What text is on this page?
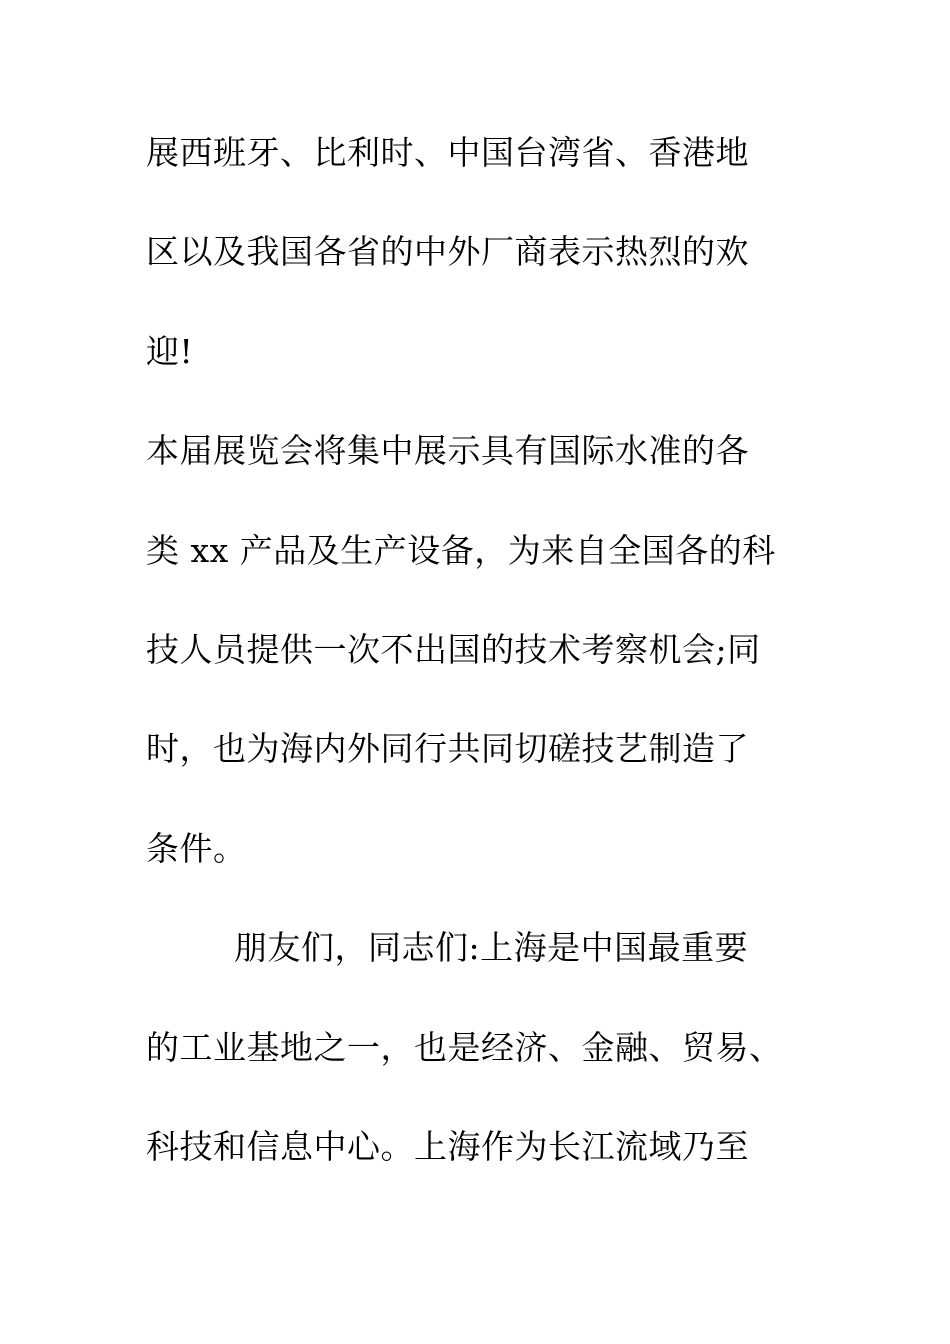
展西班牙、比利时、中国台湾省、香港地
区以及我国各省的中外厂商表示热烈的欢
迎!
本届展览会将集中展示具有国际水准的各
类 xx 产品及生产设备，为来自全国各的科
技人员提供一次不出国的技术考察机会;同
时，也为海内外同行共同切磋技艺制造了
条件。
朋友们，同志们:上海是中国最重要
的工业基地之一，也是经济、金融、贸易、
科技和信息中心。上海作为长江流域乃至
